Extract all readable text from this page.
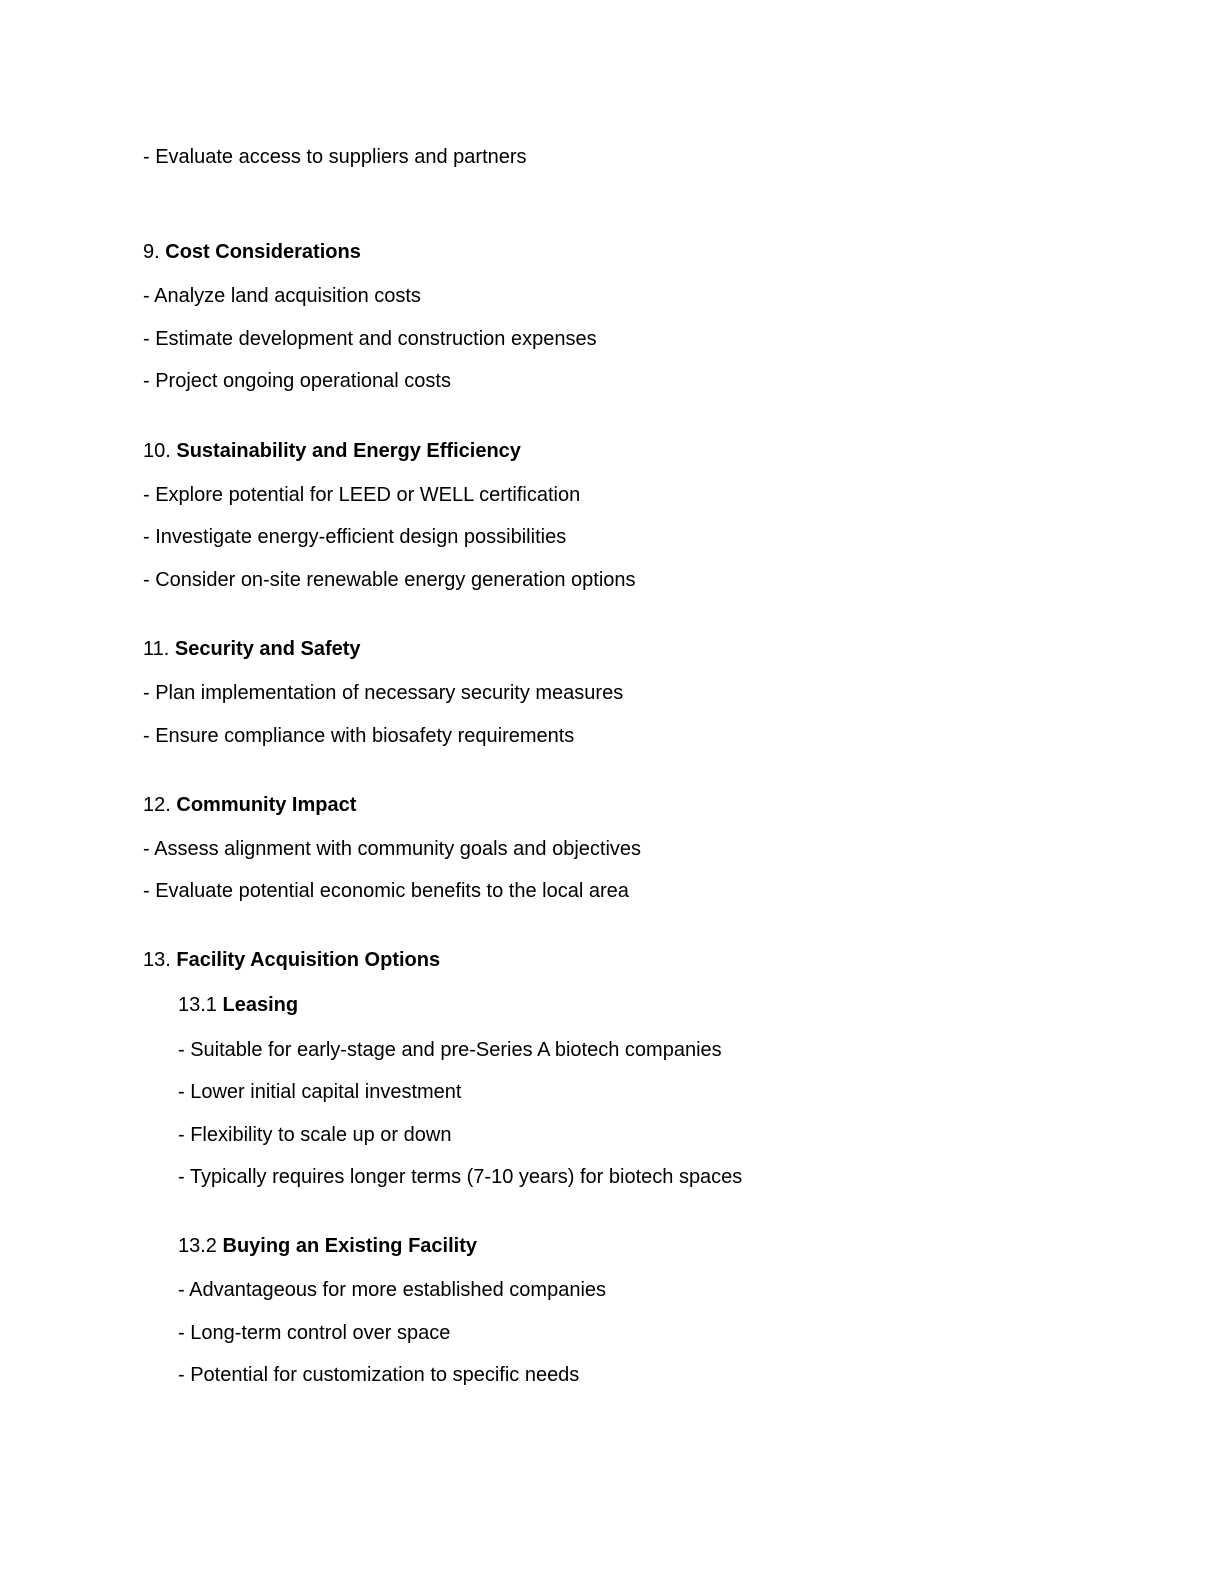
- Evaluate access to suppliers and partners
9. Cost Considerations
- Analyze land acquisition costs
- Estimate development and construction expenses
- Project ongoing operational costs
10. Sustainability and Energy Efficiency
- Explore potential for LEED or WELL certification
- Investigate energy-efficient design possibilities
- Consider on-site renewable energy generation options
11. Security and Safety
- Plan implementation of necessary security measures
- Ensure compliance with biosafety requirements
12. Community Impact
- Assess alignment with community goals and objectives
- Evaluate potential economic benefits to the local area
13. Facility Acquisition Options
13.1 Leasing
- Suitable for early-stage and pre-Series A biotech companies
- Lower initial capital investment
- Flexibility to scale up or down
- Typically requires longer terms (7-10 years) for biotech spaces
13.2 Buying an Existing Facility
- Advantageous for more established companies
- Long-term control over space
- Potential for customization to specific needs
